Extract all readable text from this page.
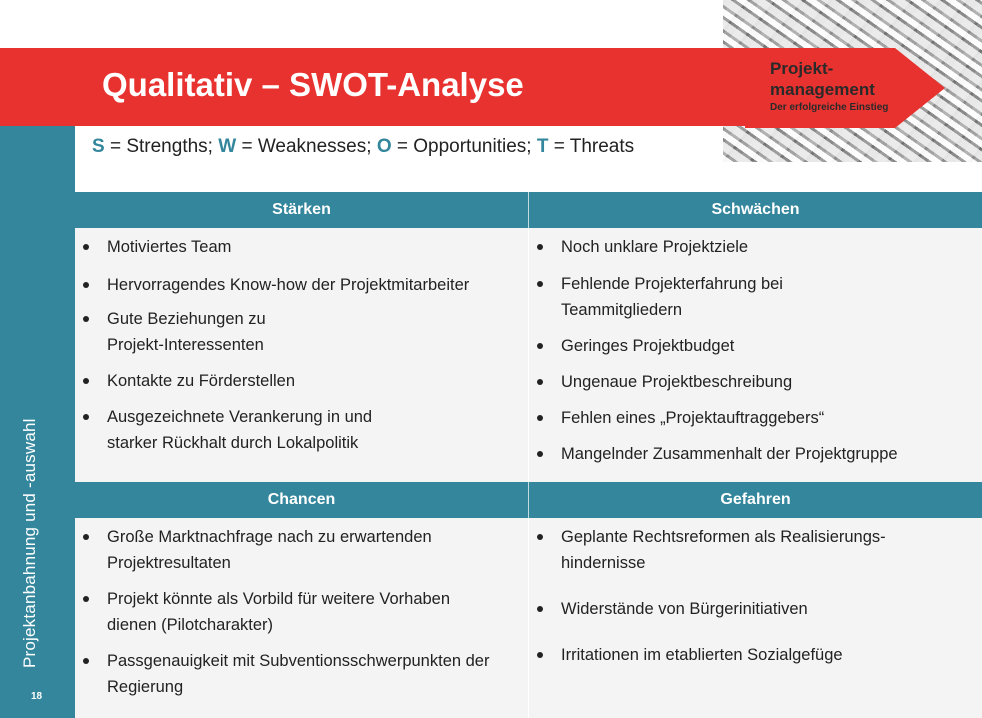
Qualitativ – SWOT-Analyse	Projekt-
management
Der erfolgreiche Einstieg
S = Strengths; W = Weaknesses; O = Opportunities; T = Threats
Projektanbahnung und -auswahl
18
Stärken	Schwächen
Motiviertes Team
Hervorragendes Know-how der Projektmitarbeiter
Gute Beziehungen zu Projekt-Interessenten
Kontakte zu Förderstellen
Ausgezeichnete Verankerung in und starker Rückhalt durch Lokalpolitik
Noch unklare Projektziele
Fehlende Projekterfahrung bei Teammitgliedern
Geringes Projektbudget
Ungenaue Projektbeschreibung
Fehlen eines „Projektauftraggebers“
Mangelnder Zusammenhalt der Projektgruppe
Chancen	Gefahren
Große Marktnachfrage nach zu erwartenden Projektresultaten
Projekt könnte als Vorbild für weitere Vorhaben dienen (Pilotcharakter)
Passgenauigkeit mit Subventionsschwerpunkten der Regierung
Geplante Rechtsreformen als Realisierungs-hindernisse
Widerstände von Bürgerinitiativen
Irritationen im etablierten Sozialgefüge
